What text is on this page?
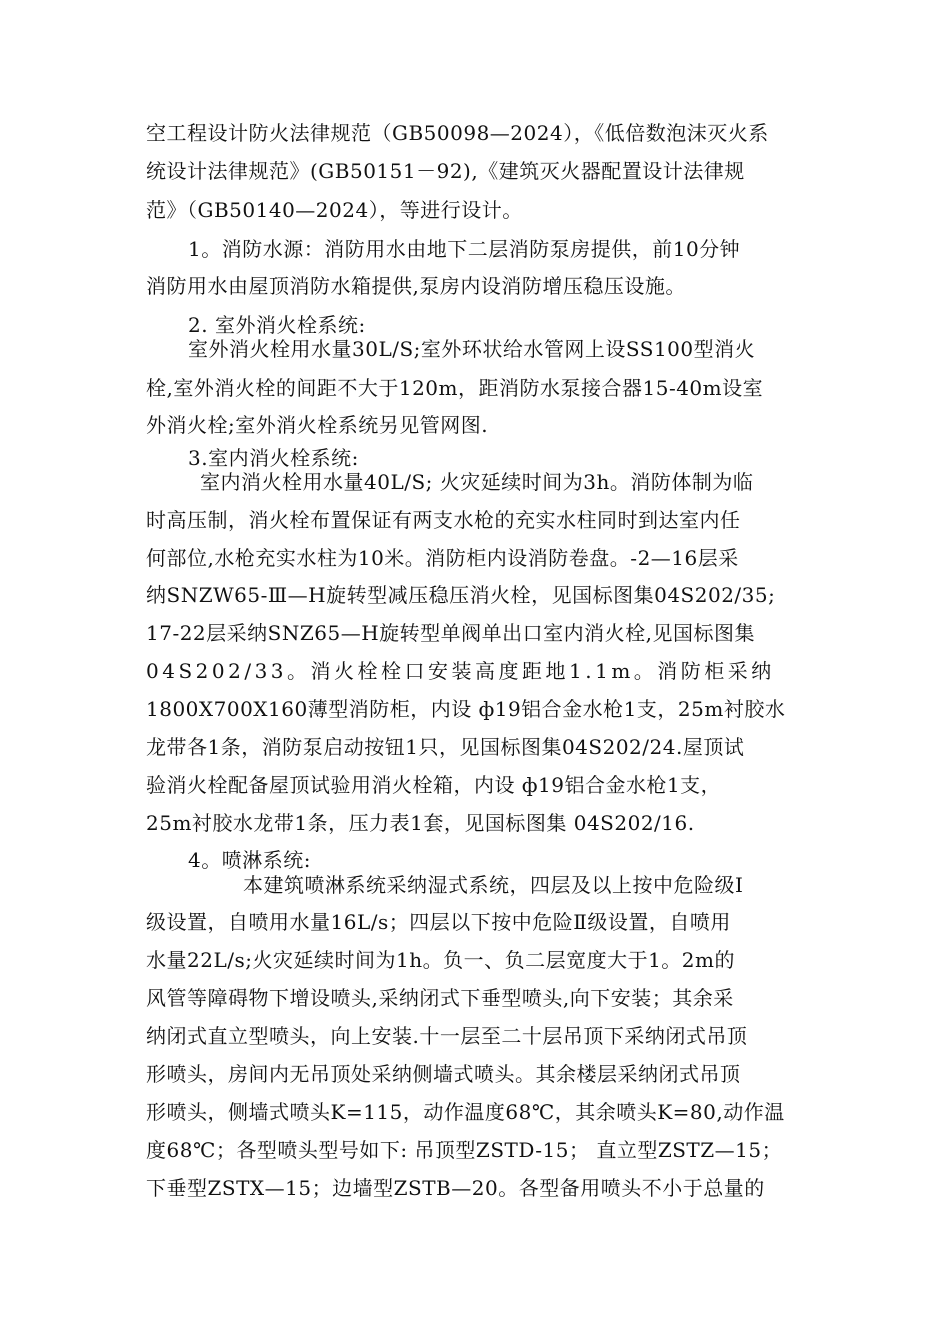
空工程设计防火法律规范（GB50098—2024），《低倍数泡沫灭火系
统设计法律规范》(GB50151－92),《建筑灭火器配置设计法律规
范》（GB50140—2024），等进行设计。
1。消防水源：消防用水由地下二层消防泵房提供，前10分钟
消防用水由屋顶消防水箱提供,泵房内设消防增压稳压设施。
2. 室外消火栓系统:
室外消火栓用水量30L/S;室外环状给水管网上设SS100型消火
栓,室外消火栓的间距不大于120m，距消防水泵接合器15-40m设室
外消火栓;室外消火栓系统另见管网图.
3.室内消火栓系统:
室内消火栓用水量40L/S; 火灾延续时间为3h。消防体制为临
时高压制，消火栓布置保证有两支水枪的充实水柱同时到达室内任
何部位,水枪充实水柱为10米。消防柜内设消防卷盘。-2—16层采
纳SNZW65-Ⅲ—H旋转型减压稳压消火栓，见国标图集04S202/35;
17-22层采纳SNZ65—H旋转型单阀单出口室内消火栓,见国标图集
04S202/33。消火栓栓口安装高度距地1.1m。消防柜采纳
1800X700X160薄型消防柜，内设 ф19铝合金水枪1支，25m衬胶水
龙带各1条，消防泵启动按钮1只，见国标图集04S202/24.屋顶试
验消火栓配备屋顶试验用消火栓箱，内设 ф19铝合金水枪1支，
25m衬胶水龙带1条，压力表1套，见国标图集 04S202/16.
4。喷淋系统:
本建筑喷淋系统采纳湿式系统，四层及以上按中危险级Ⅰ
级设置，自喷用水量16L/s；四层以下按中危险Ⅱ级设置，自喷用
水量22L/s;火灾延续时间为1h。负一、负二层宽度大于1。2m的
风管等障碍物下增设喷头,采纳闭式下垂型喷头,向下安装；其余采
纳闭式直立型喷头，向上安装.十一层至二十层吊顶下采纳闭式吊顶
形喷头，房间内无吊顶处采纳侧墙式喷头。其余楼层采纳闭式吊顶
形喷头，侧墙式喷头K=115，动作温度68℃，其余喷头K=80,动作温
度68℃；各型喷头型号如下: 吊顶型ZSTD-15； 直立型ZSTZ—15；
下垂型ZSTX—15；边墙型ZSTB—20。各型备用喷头不小于总量的
